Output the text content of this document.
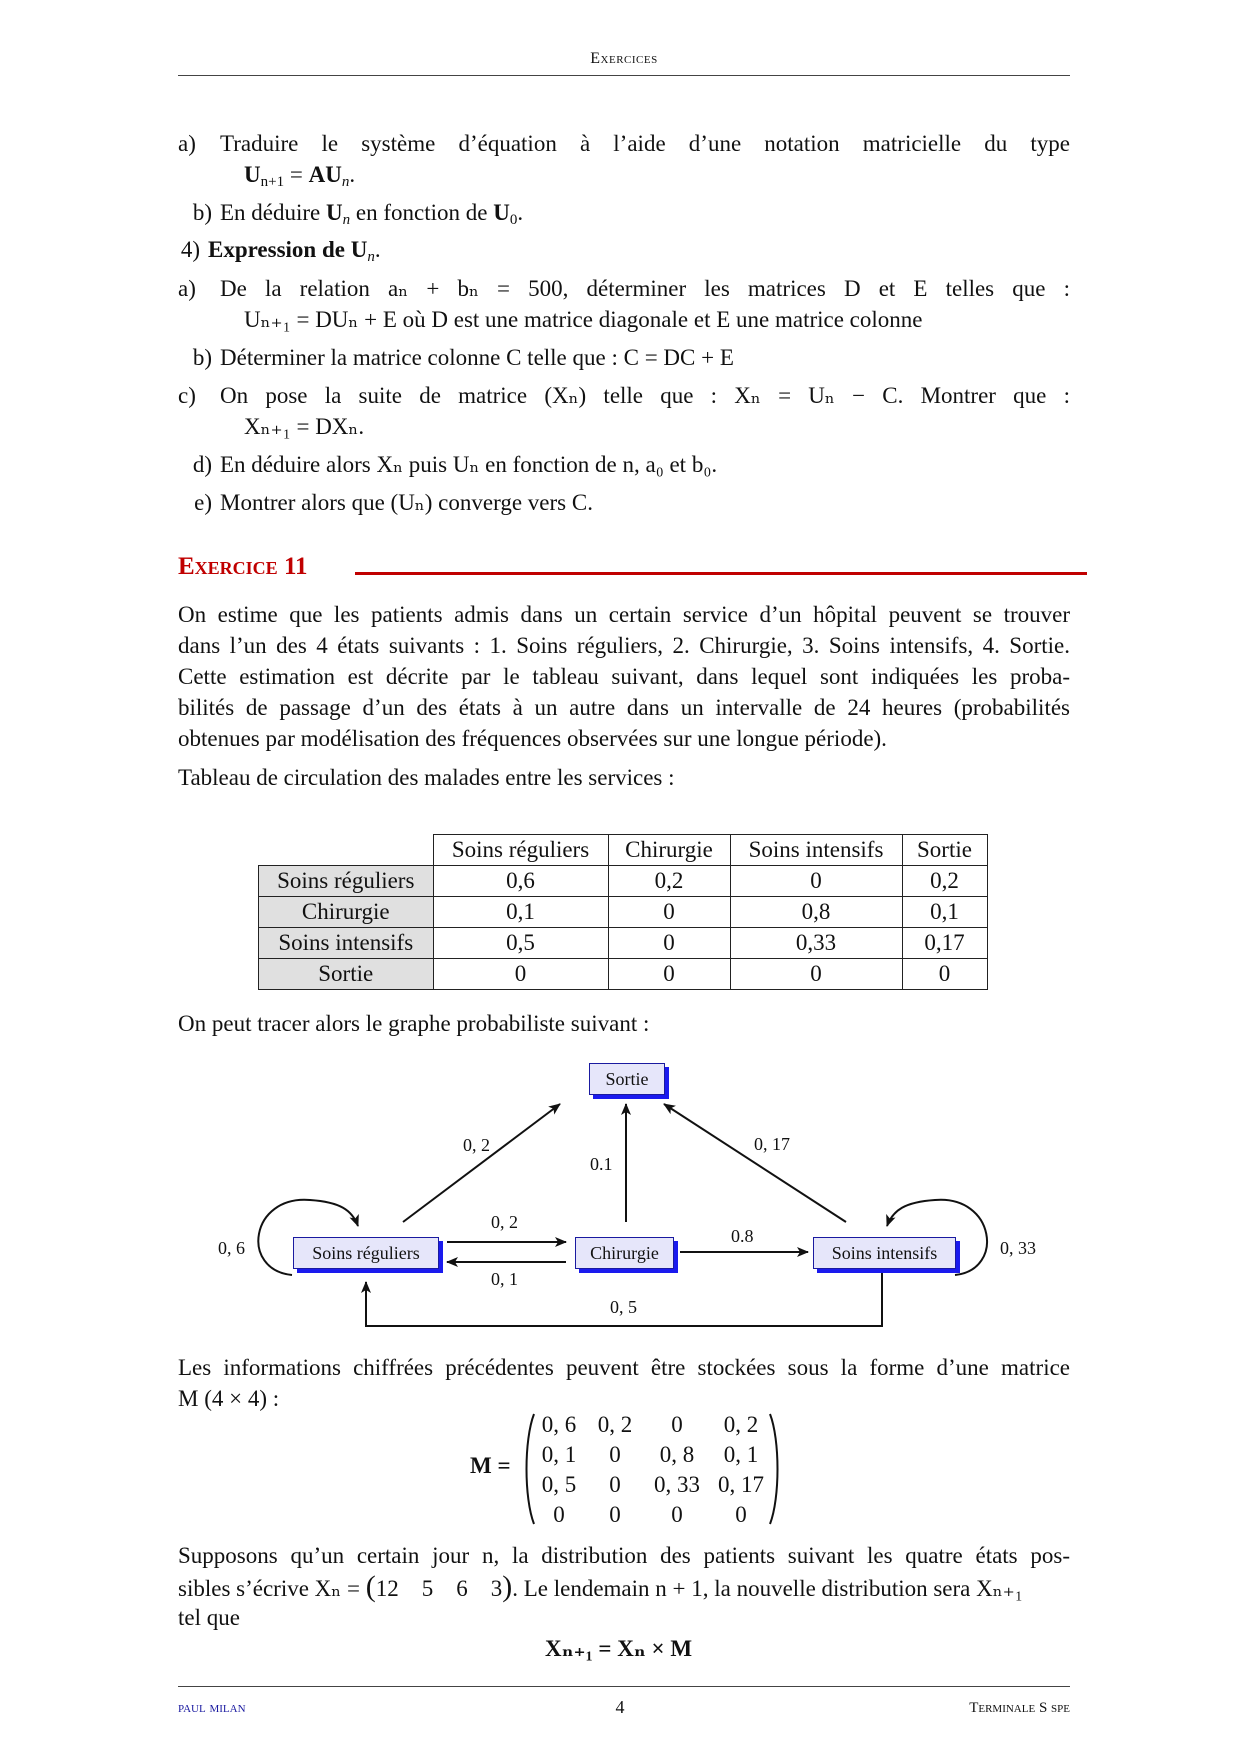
Exercices
a) Traduire le système d’équation à l’aide d’une notation matricielle du type
$U_{n+1} = AU_n$.
b) En déduire $U_n$ en fonction de $U_0$.
4) Expression de $U_n$.
a) De la relation aₙ + bₙ = 500, déterminer les matrices D et E telles que :
Uₙ₊₁ = DUₙ + E où D est une matrice diagonale et E une matrice colonne
b) Déterminer la matrice colonne C telle que : C = DC + E
c) On pose la suite de matrice (Xₙ) telle que : Xₙ = Uₙ − C. Montrer que :
Xₙ₊₁ = DXₙ.
d) En déduire alors Xₙ puis Uₙ en fonction de n, a₀ et b₀.
e) Montrer alors que (Uₙ) converge vers C.
Exercice 11
On estime que les patients admis dans un certain service d’un hôpital peuvent se trouver
dans l’un des 4 états suivants : 1. Soins réguliers, 2. Chirurgie, 3. Soins intensifs, 4. Sortie.
Cette estimation est décrite par le tableau suivant, dans lequel sont indiquées les proba-
bilités de passage d’un des états à un autre dans un intervalle de 24 heures (probabilités
obtenues par modélisation des fréquences observées sur une longue période).
Tableau de circulation des malades entre les services :
	Soins réguliers	Chirurgie	Soins intensifs	Sortie
Soins réguliers	0,6	0,2	0	0,2
Chirurgie	0,1	0	0,8	0,1
Soins intensifs	0,5	0	0,33	0,17
Sortie	0	0	0	0
On peut tracer alors le graphe probabiliste suivant :
Sortie
Soins réguliers	Chirurgie	Soins intensifs
0, 2
0.1
0, 17
0, 2
0, 1
0.8
0, 5
0, 6	0, 33
Les informations chiffrées précédentes peuvent être stockées sous la forme d’une matrice
M (4 × 4) :
M =
0, 6	0, 2	0	0, 2
0, 1	0	0, 8	0, 1
0, 5	0	0, 33	0, 17
0	0	0	0
Supposons qu’un certain jour n, la distribution des patients suivant les quatre états pos-
sibles s’écrive Xₙ = (12 5 6 3). Le lendemain n + 1, la nouvelle distribution sera Xₙ₊₁
tel que
Xₙ₊₁ = Xₙ × M
paul milan	4	Terminale S spe
